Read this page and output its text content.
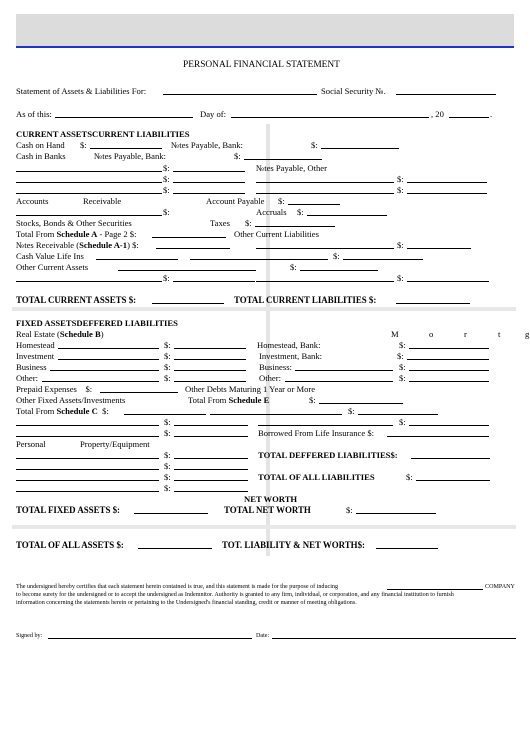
PERSONAL FINANCIAL STATEMENT
Statement of Assets & Liabilities For:	Social Security №.
As of this:	Day of:	, 20	.
CURRENT ASSETSCURRENT LIABILITIES
Cash on Hand $:	№tes Payable, Bank:	$:
Cash in Banks	№tes Payable, Bank:	$:
$:	№tes Payable, Other
$:	$:
$:	$:
Accounts	Receivable	Account Payable $:
$:	Accruals $:
Stocks, Bonds & Other Securities	Taxes $:
Total From Schedule A - Page 2 $:	Other Current Liabilities
№tes Receivable (Schedule A-1) $:	$:
Cash Value Life Ins	$:
Other Current Assets	$:
$:	$:
TOTAL CURRENT ASSETS $:	TOTAL CURRENT LIABILITIES $:
FIXED ASSETSDEFFERED LIABILITIES
Real Estate (Schedule B)	M	o	r	t	g
Homestead	$:	Homestead, Bank:	$:
Investment	$:	Investment, Bank:	$:
Business	$:	Business:	$:
Other:	$:	Other:	$:
Prepaid Expenses $:	Other Debts Maturing 1 Year or More
Other Fixed Assets/Investments	Total From Schedule E	$:
Total From Schedule C $:	$:
$:	$:
$:	Borrowed From Life Insurance $:
Personal	Property/Equipment
$:	TOTAL DEFFERED LIABILITIES$:
$:
$:	TOTAL OF ALL LIABILITIES	$:
$:
NET WORTH
TOTAL FIXED ASSETS $:	TOTAL NET WORTH	$:
TOTAL OF ALL ASSETS $:	TOT. LIABILITY & NET WORTH$:
The undersigned hereby certifies that each statement herein contained is true, and this statement is made for the purpose of inducing	COMPANY
to become surety for the undersigned or to accept the undersigned as Indemnitor. Authority is granted to any firm, individual, or corporation, and any financial institution to furnish
information concerning the statements herein or pertaining to the Undersigned's financial standing, credit or manner of meeting obligations.
Signed by:	Date:
